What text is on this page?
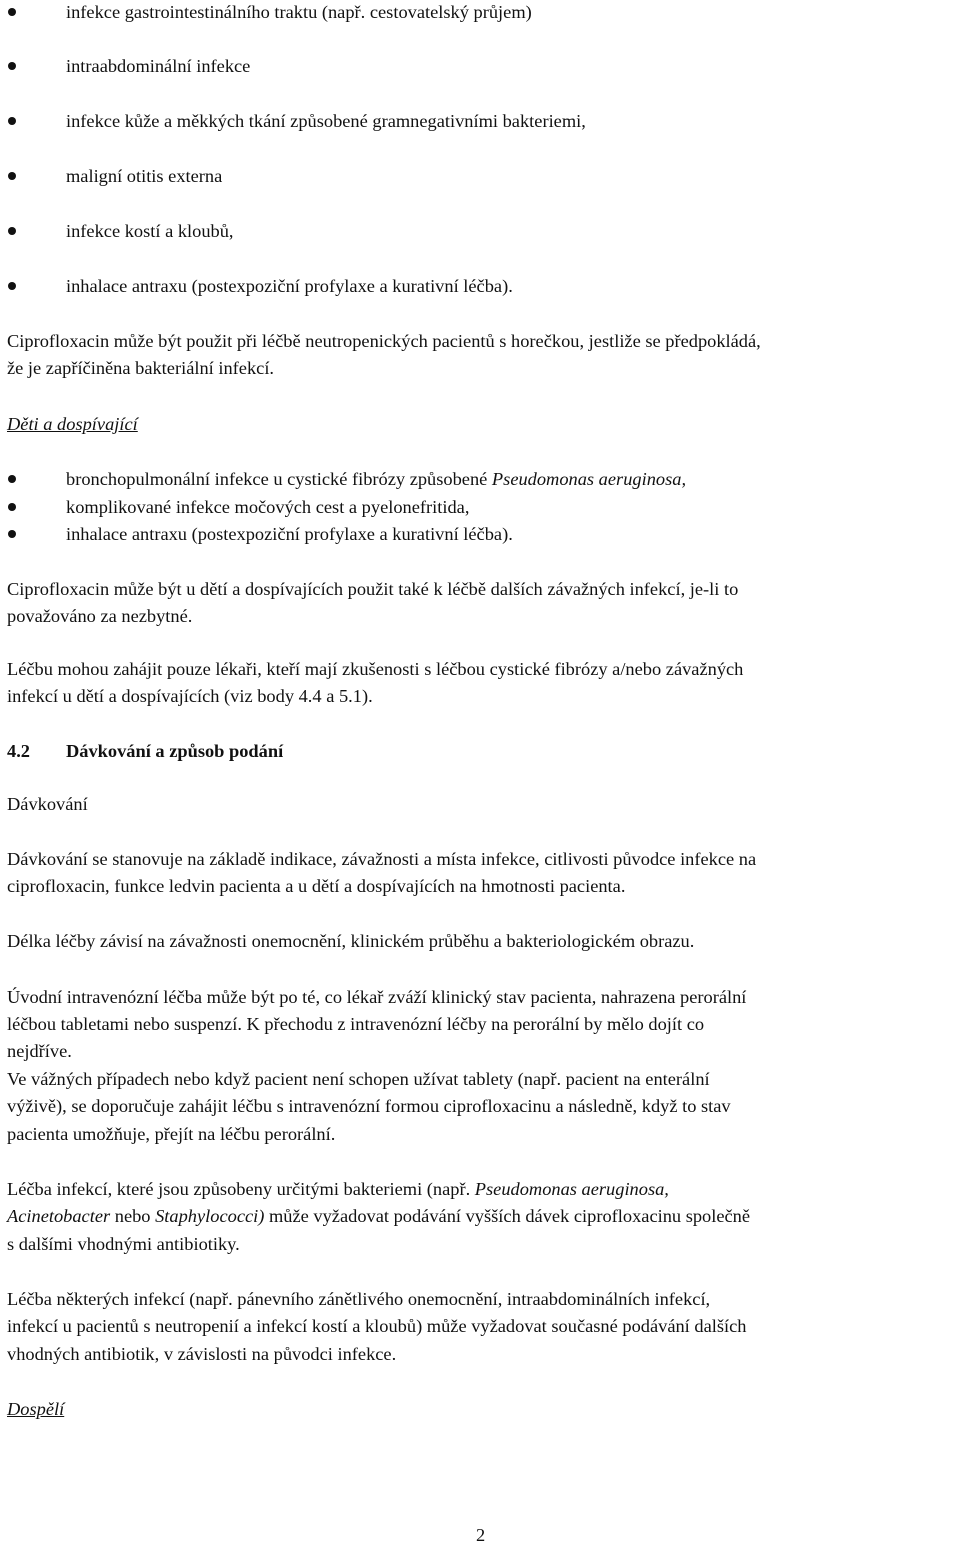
infekce gastrointestinálního traktu (např. cestovatelský průjem)
intraabdominální infekce
infekce kůže a měkkých tkání způsobené gramnegativními bakteriemi,
maligní otitis externa
infekce kostí a kloubů,
inhalace antraxu (postexpoziční profylaxe a kurativní léčba).
Ciprofloxacin může být použit při léčbě neutropenických pacientů s horečkou, jestliže se předpokládá,
že je zapříčiněna bakteriální infekcí.
Děti a dospívající
bronchopulmonální infekce u cystické fibrózy způsobené Pseudomonas aeruginosa,
komplikované infekce močových cest a pyelonefritida,
inhalace antraxu (postexpoziční profylaxe a kurativní léčba).
Ciprofloxacin může být u dětí a dospívajících použit také k léčbě dalších závažných infekcí, je-li to
považováno za nezbytné.
Léčbu mohou zahájit pouze lékaři, kteří mají zkušenosti s léčbou cystické fibrózy a/nebo závažných
infekcí u dětí a dospívajících (viz body 4.4 a 5.1).
4.2 Dávkování a způsob podání
Dávkování
Dávkování se stanovuje na základě indikace, závažnosti a místa infekce, citlivosti původce infekce na
ciprofloxacin, funkce ledvin pacienta a u dětí a dospívajících na hmotnosti pacienta.
Délka léčby závisí na závažnosti onemocnění, klinickém průběhu a bakteriologickém obrazu.
Úvodní intravenózní léčba může být po té, co lékař zváží klinický stav pacienta, nahrazena perorální
léčbou tabletami nebo suspenzí. K přechodu z intravenózní léčby na perorální by mělo dojít co
nejdříve.
Ve vážných případech nebo když pacient není schopen užívat tablety (např. pacient na enterální
výživě), se doporučuje zahájit léčbu s intravenózní formou ciprofloxacinu a následně, když to stav
pacienta umožňuje, přejít na léčbu perorální.
Léčba infekcí, které jsou způsobeny určitými bakteriemi (např. Pseudomonas aeruginosa,
Acinetobacter nebo Staphylococci) může vyžadovat podávání vyšších dávek ciprofloxacinu společně
s dalšími vhodnými antibiotiky.
Léčba některých infekcí (např. pánevního zánětlivého onemocnění, intraabdominálních infekcí,
infekcí u pacientů s neutropenií a infekcí kostí a kloubů) může vyžadovat současné podávání dalších
vhodných antibiotik, v závislosti na původci infekce.
Dospělí
2
